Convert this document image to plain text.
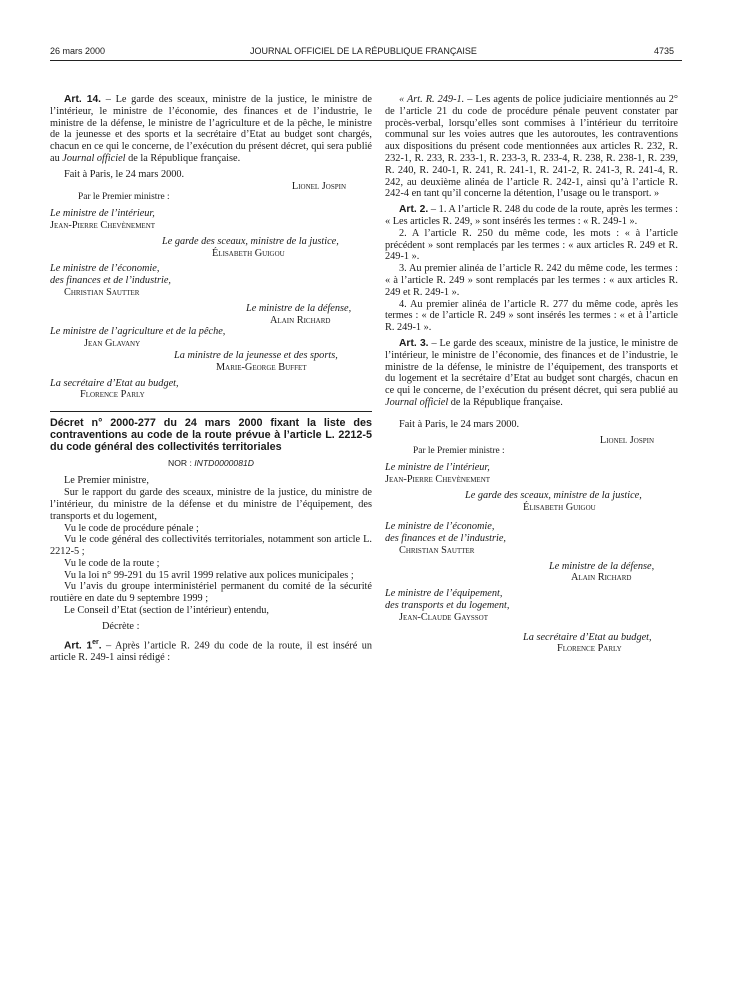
26 mars 2000	JOURNAL OFFICIEL DE LA RÉPUBLIQUE FRANÇAISE	4735

Art. 14. – Le garde des sceaux, ministre de la justice, le ministre de l’intérieur, le ministre de l’économie, des finances et de l’industrie, le ministre de la défense, le ministre de l’agriculture et de la pêche, le ministre de la jeunesse et des sports et la secrétaire d’Etat au budget sont chargés, chacun en ce qui le concerne, de l’exécution du présent décret, qui sera publié au Journal officiel de la République française.

Fait à Paris, le 24 mars 2000.

Lionel Jospin

Par le Premier ministre :

Le ministre de l’intérieur,

Jean-Pierre Chevènement

Le garde des sceaux, ministre de la justice,

Élisabeth Guigou

Le ministre de l’économie,

des finances et de l’industrie,

Christian Sautter

Le ministre de la défense,

Alain Richard

Le ministre de l’agriculture et de la pêche,

Jean Glavany

La ministre de la jeunesse et des sports,

Marie-George Buffet

La secrétaire d’Etat au budget,

Florence Parly

Décret n° 2000-277 du 24 mars 2000 fixant la liste des contraventions au code de la route prévue à l’article L. 2212-5 du code général des collectivités territoriales

NOR : INTD0000081D

Le Premier ministre,

Sur le rapport du garde des sceaux, ministre de la justice, du ministre de l’intérieur, du ministre de la défense et du ministre de l’équipement, des transports et du logement,

Vu le code de procédure pénale ;

Vu le code général des collectivités territoriales, notamment son article L. 2212-5 ;

Vu le code de la route ;

Vu la loi n° 99-291 du 15 avril 1999 relative aux polices municipales ;

Vu l’avis du groupe interministériel permanent du comité de la sécurité routière en date du 9 septembre 1999 ;

Le Conseil d’Etat (section de l’intérieur) entendu,

Décrète :

Art. 1er. – Après l’article R. 249 du code de la route, il est inséré un article R. 249-1 ainsi rédigé :

« Art. R. 249-1. – Les agents de police judiciaire mentionnés au 2° de l’article 21 du code de procédure pénale peuvent constater par procès-verbal, lorsqu’elles sont commises à l’intérieur du territoire communal sur les voies autres que les autoroutes, les contraventions aux dispositions du présent code mentionnées aux articles R. 232, R. 232-1, R. 233, R. 233-1, R. 233-3, R. 233-4, R. 238, R. 238-1, R. 239, R. 240, R. 240-1, R. 241, R. 241-1, R. 241-2, R. 241-3, R. 241-4, R. 242, au deuxième alinéa de l’article R. 242-1, ainsi qu’à l’article R. 242-4 en tant qu’il concerne la détention, l’usage ou le transport. »

Art. 2. – 1. A l’article R. 248 du code de la route, après les termes : « Les articles R. 249, » sont insérés les termes : « R. 249-1 ».

2. A l’article R. 250 du même code, les mots : « à l’article précédent » sont remplacés par les termes : « aux articles R. 249 et R. 249-1 ».

3. Au premier alinéa de l’article R. 242 du même code, les termes : « à l’article R. 249 » sont remplacés par les termes : « aux articles R. 249 et R. 249-1 ».

4. Au premier alinéa de l’article R. 277 du même code, après les termes : « de l’article R. 249 » sont insérés les termes : « et à l’article R. 249-1 ».

Art. 3. – Le garde des sceaux, ministre de la justice, le ministre de l’intérieur, le ministre de l’économie, des finances et de l’industrie, le ministre de la défense, le ministre de l’équipement, des transports et du logement et la secrétaire d’Etat au budget sont chargés, chacun en ce qui le concerne, de l’exécution du présent décret, qui sera publié au Journal officiel de la République française.

Fait à Paris, le 24 mars 2000.

Lionel Jospin

Par le Premier ministre :

Le ministre de l’intérieur,

Jean-Pierre Chevènement

Le garde des sceaux, ministre de la justice,

Élisabeth Guigou

Le ministre de l’économie,

des finances et de l’industrie,

Christian Sautter

Le ministre de la défense,

Alain Richard

Le ministre de l’équipement,

des transports et du logement,

Jean-Claude Gayssot

La secrétaire d’Etat au budget,

Florence Parly
